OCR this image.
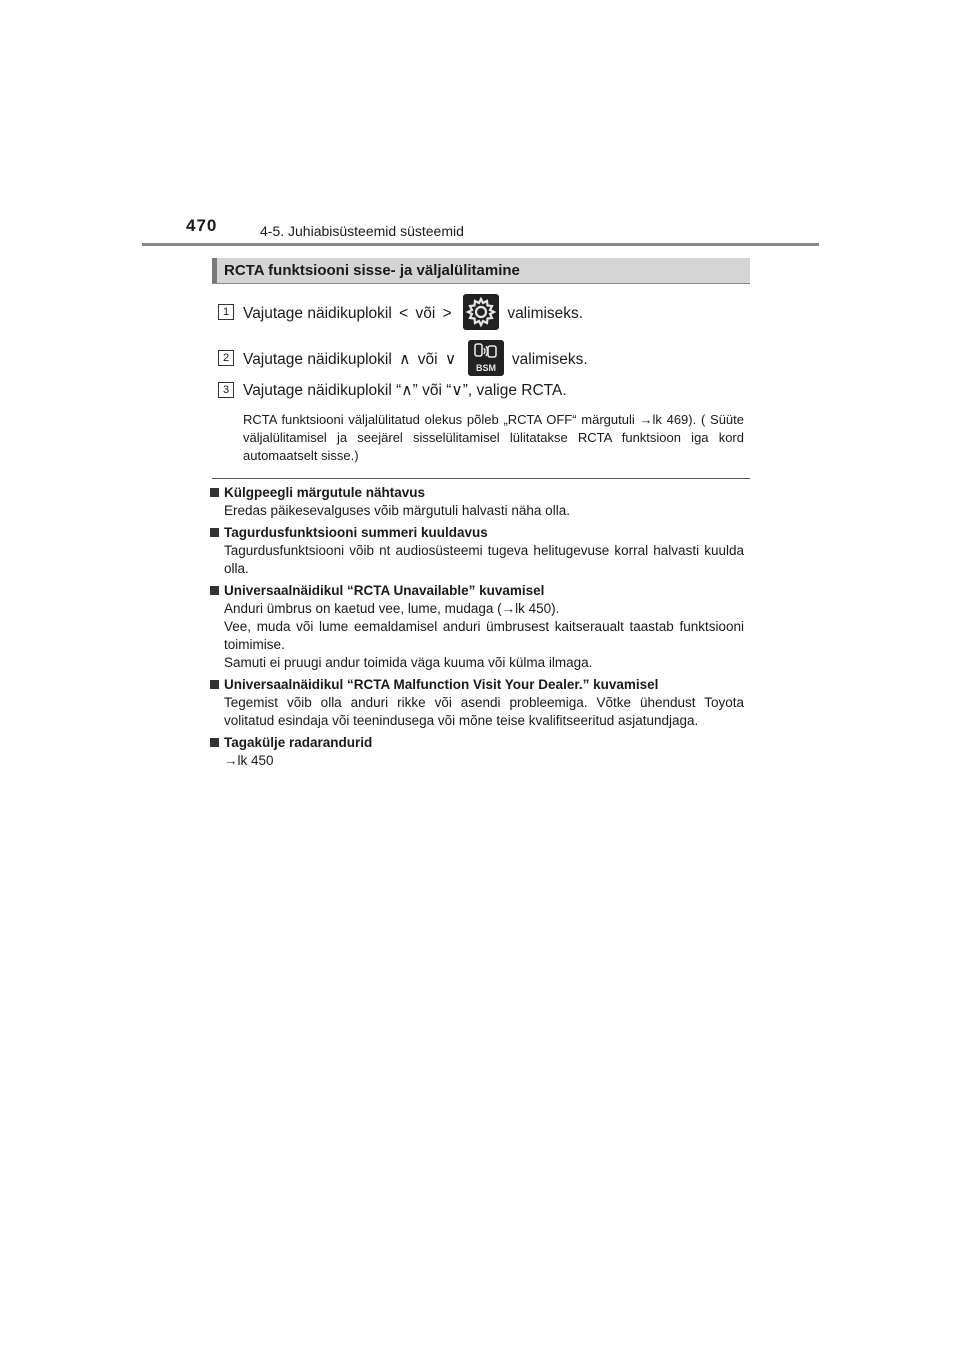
470	4-5. Juhiabisüsteemid süsteemid
RCTA funktsiooni sisse- ja väljalülitamine
1 Vajutage näidikuplokil < või >	valimiseks.
2 Vajutage näidikuplokil ∧ või ∨ BSM valimiseks.
3 Vajutage näidikuplokil “∧” või “∨”, valige RCTA.
RCTA funktsiooni väljalülitatud olekus põleb „RCTA OFF“ märgutuli →lk 469). ( Süüte väljalülitamisel ja seejärel sisselülitamisel lülitatakse RCTA funktsioon iga kord automaatselt sisse.)
Külgpeegli märgutule nähtavus

Eredas päikesevalguses võib märgutuli halvasti näha olla.

Tagurdusfunktsiooni summeri kuuldavus

Tagurdusfunktsiooni võib nt audiosüsteemi tugeva helitugevuse korral halvasti kuulda olla.

Universaalnäidikul “RCTA Unavailable” kuvamisel

Anduri ümbrus on kaetud vee, lume, mudaga (→lk 450).

Vee, muda või lume eemaldamisel anduri ümbrusest kaitseraualt taastab funktsiooni toimimise.

Samuti ei pruugi andur toimida väga kuuma või külma ilmaga.

Universaalnäidikul “RCTA Malfunction Visit Your Dealer.” kuvamisel

Tegemist võib olla anduri rikke või asendi probleemiga. Võtke ühendust Toyota volitatud esindaja või teenindusega või mõne teise kvalifitseeritud asjatundjaga.

Tagakülje radarandurid

→lk 450
